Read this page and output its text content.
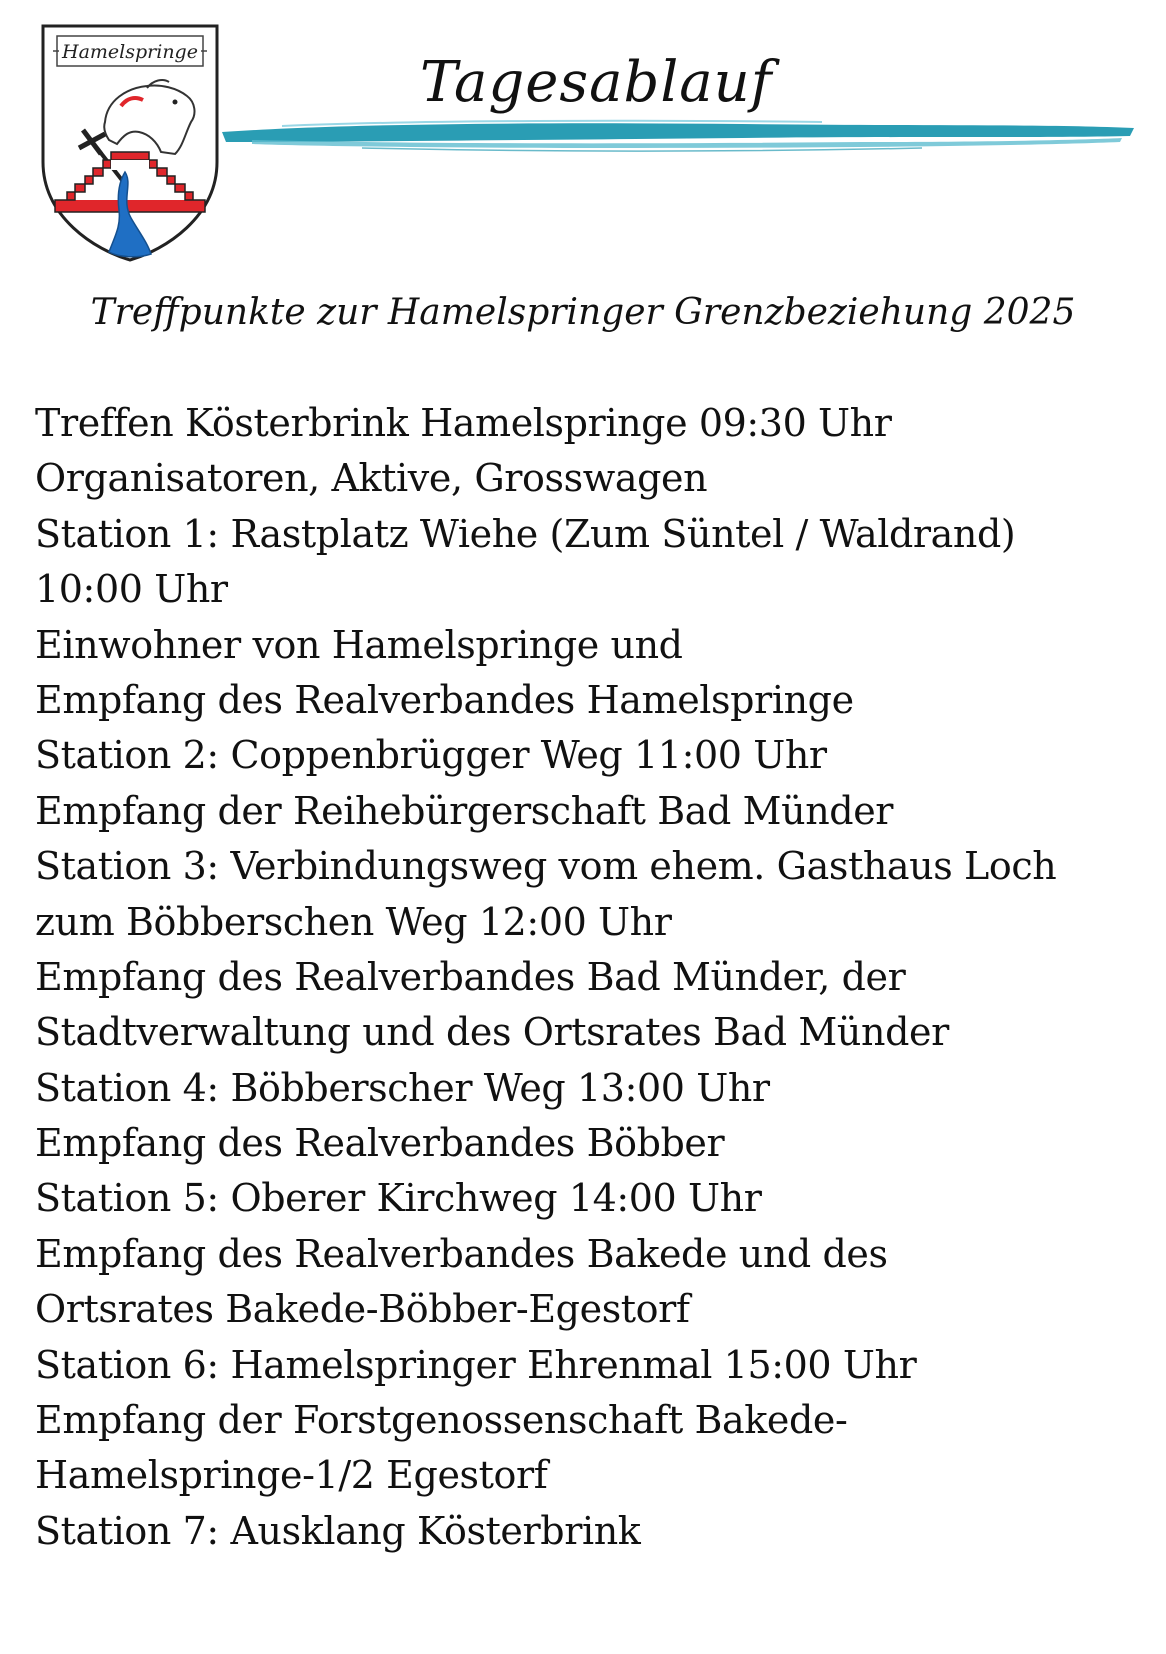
Hamelspringe	Tagesablauf
Treffpunkte zur Hamelspringer Grenzbeziehung 2025
Treffen Kösterbrink Hamelspringe 09:30 Uhr
Organisatoren, Aktive, Grosswagen
Station 1: Rastplatz Wiehe (Zum Süntel / Waldrand)
10:00 Uhr
Einwohner von Hamelspringe und
Empfang des Realverbandes Hamelspringe
Station 2: Coppenbrügger Weg 11:00 Uhr
Empfang der Reihebürgerschaft Bad Münder
Station 3: Verbindungsweg vom ehem. Gasthaus Loch
zum Böbberschen Weg 12:00 Uhr
Empfang des Realverbandes Bad Münder, der
Stadtverwaltung und des Ortsrates Bad Münder
Station 4: Böbberscher Weg 13:00 Uhr
Empfang des Realverbandes Böbber
Station 5: Oberer Kirchweg 14:00 Uhr
Empfang des Realverbandes Bakede und des
Ortsrates Bakede-Böbber-Egestorf
Station 6: Hamelspringer Ehrenmal 15:00 Uhr
Empfang der Forstgenossenschaft Bakede-
Hamelspringe-1/2 Egestorf
Station 7: Ausklang Kösterbrink
